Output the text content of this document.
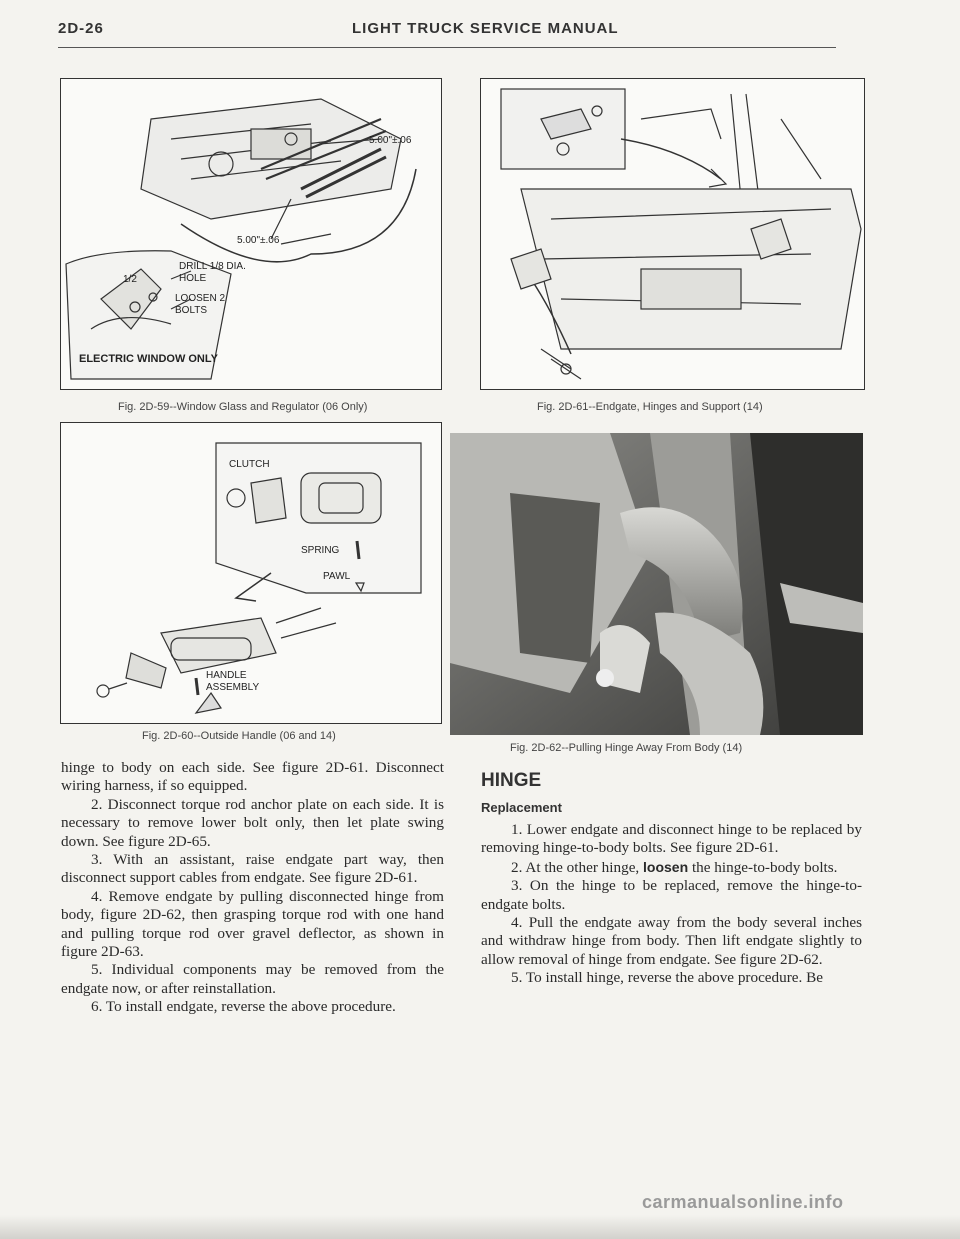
2D-26	LIGHT TRUCK SERVICE MANUAL
5.00"±.06
5.00"±.06
1/2
DRILL 1/8 DIA. HOLE
LOOSEN 2 BOLTS
ELECTRIC WINDOW ONLY
Fig. 2D-59--Window Glass and Regulator (06 Only)	Fig. 2D-61--Endgate, Hinges and Support (14)
CLUTCH
SPRING
PAWL
HANDLE ASSEMBLY
Fig. 2D-60--Outside Handle (06 and 14)
Fig. 2D-62--Pulling Hinge Away From Body (14)

hinge to body on each side. See figure 2D-61. Disconnect wiring harness, if so equipped.

2. Disconnect torque rod anchor plate on each side. It is necessary to remove lower bolt only, then let plate swing down. See figure 2D-65.

3. With an assistant, raise endgate part way, then disconnect support cables from endgate. See figure 2D-61.

4. Remove endgate by pulling disconnected hinge from body, figure 2D-62, then grasping torque rod with one hand and pulling torque rod over gravel deflector, as shown in figure 2D-63.

5. Individual components may be removed from the endgate now, or after reinstallation.

6. To install endgate, reverse the above procedure.

HINGE
Replacement

1. Lower endgate and disconnect hinge to be replaced by removing hinge-to-body bolts. See figure 2D-61.

2. At the other hinge, loosen the hinge-to-body bolts.

3. On the hinge to be replaced, remove the hinge-to-endgate bolts.

4. Pull the endgate away from the body several inches and withdraw hinge from body. Then lift endgate slightly to allow removal of hinge from endgate. See figure 2D-62.

5. To install hinge, reverse the above procedure. Be

carmanualsonline.info
